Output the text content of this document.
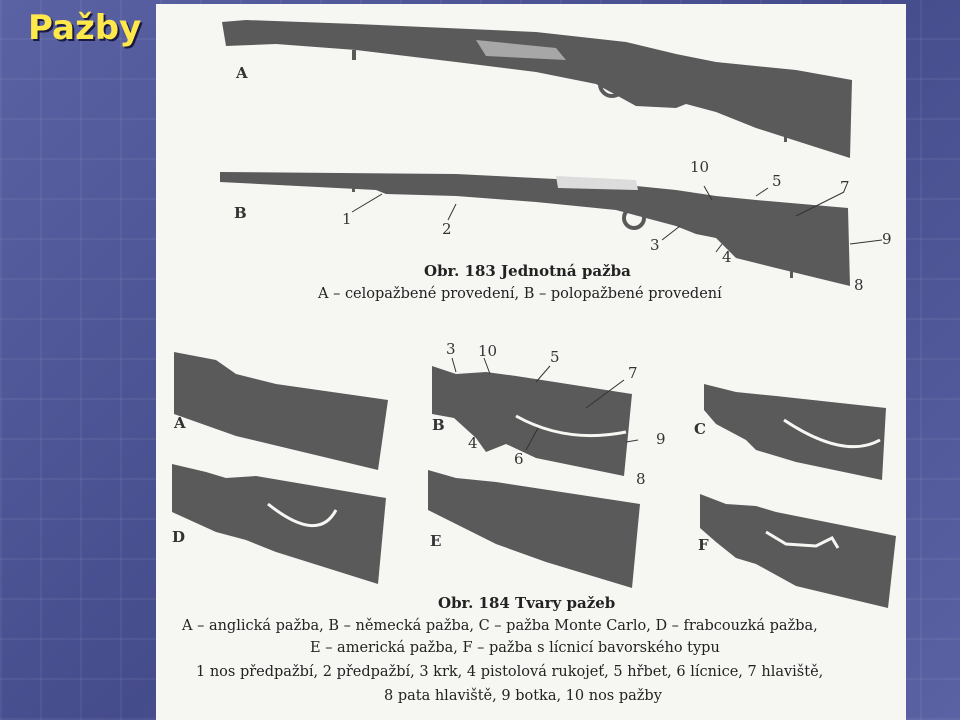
Pažby
A
B	1
2
3
4
5	7
8
9
10
A	B	C
D	E	F
3 10	5
7
4
6
9
8
Obr. 183 Jednotná pažba
A – celopažbené provedení, B – polopažbené provedení
Obr. 184 Tvary pažeb
A – anglická pažba, B – německá pažba, C – pažba Monte Carlo, D – frabcouzká pažba,
E – americká pažba, F – pažba s lícnicí bavorského typu
1 nos předpažbí, 2 předpažbí, 3 krk, 4 pistolová rukojeť, 5 hřbet, 6 lícnice, 7 hlaviště,
8 pata hlaviště, 9 botka, 10 nos pažby
